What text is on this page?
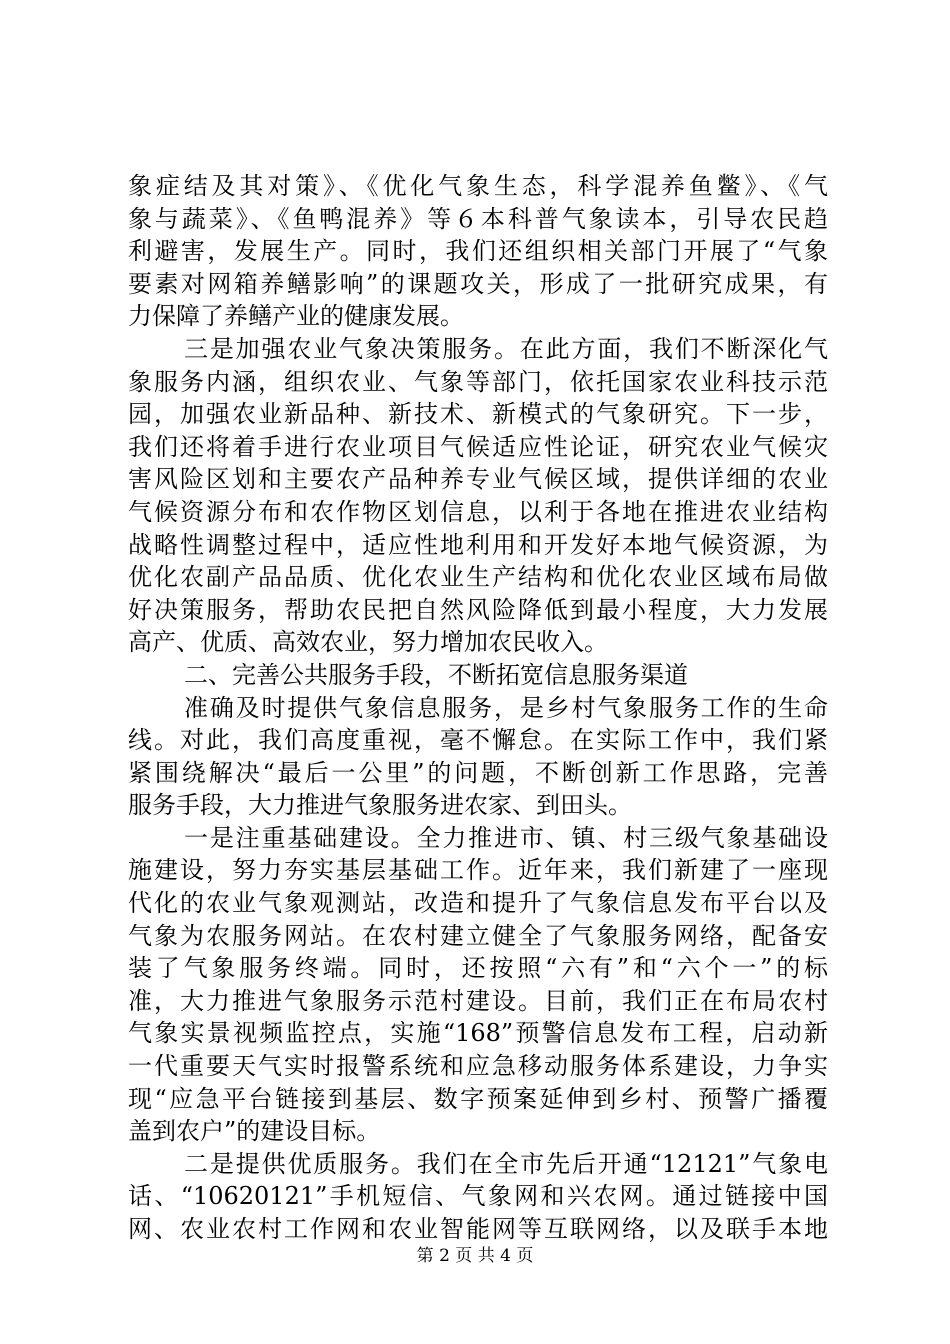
象症结及其对策》、《优化气象生态，科学混养鱼鳖》、《气
象与蔬菜》、《鱼鸭混养》等６本科普气象读本，引导农民趋
利避害，发展生产。同时，我们还组织相关部门开展了“气象
要素对网箱养鳝影响”的课题攻关，形成了一批研究成果，有
力保障了养鳝产业的健康发展。
三是加强农业气象决策服务。在此方面，我们不断深化气
象服务内涵，组织农业、气象等部门，依托国家农业科技示范
园，加强农业新品种、新技术、新模式的气象研究。下一步，
我们还将着手进行农业项目气候适应性论证，研究农业气候灾
害风险区划和主要农产品种养专业气候区域，提供详细的农业
气候资源分布和农作物区划信息，以利于各地在推进农业结构
战略性调整过程中，适应性地利用和开发好本地气候资源，为
优化农副产品品质、优化农业生产结构和优化农业区域布局做
好决策服务，帮助农民把自然风险降低到最小程度，大力发展
高产、优质、高效农业，努力增加农民收入。
二、完善公共服务手段，不断拓宽信息服务渠道
准确及时提供气象信息服务，是乡村气象服务工作的生命
线。对此，我们高度重视，毫不懈怠。在实际工作中，我们紧
紧围绕解决“最后一公里”的问题，不断创新工作思路，完善
服务手段，大力推进气象服务进农家、到田头。
一是注重基础建设。全力推进市、镇、村三级气象基础设
施建设，努力夯实基层基础工作。近年来，我们新建了一座现
代化的农业气象观测站，改造和提升了气象信息发布平台以及
气象为农服务网站。在农村建立健全了气象服务网络，配备安
装了气象服务终端。同时，还按照“六有”和“六个一”的标
准，大力推进气象服务示范村建设。目前，我们正在布局农村
气象实景视频监控点，实施“168”预警信息发布工程，启动新
一代重要天气实时报警系统和应急移动服务体系建设，力争实
现“应急平台链接到基层、数字预案延伸到乡村、预警广播覆
盖到农户”的建设目标。
二是提供优质服务。我们在全市先后开通“12121”气象电
话、“10620121”手机短信、气象网和兴农网。通过链接中国
网、农业农村工作网和农业智能网等互联网络，以及联手本地
第 2 页 共 4 页
